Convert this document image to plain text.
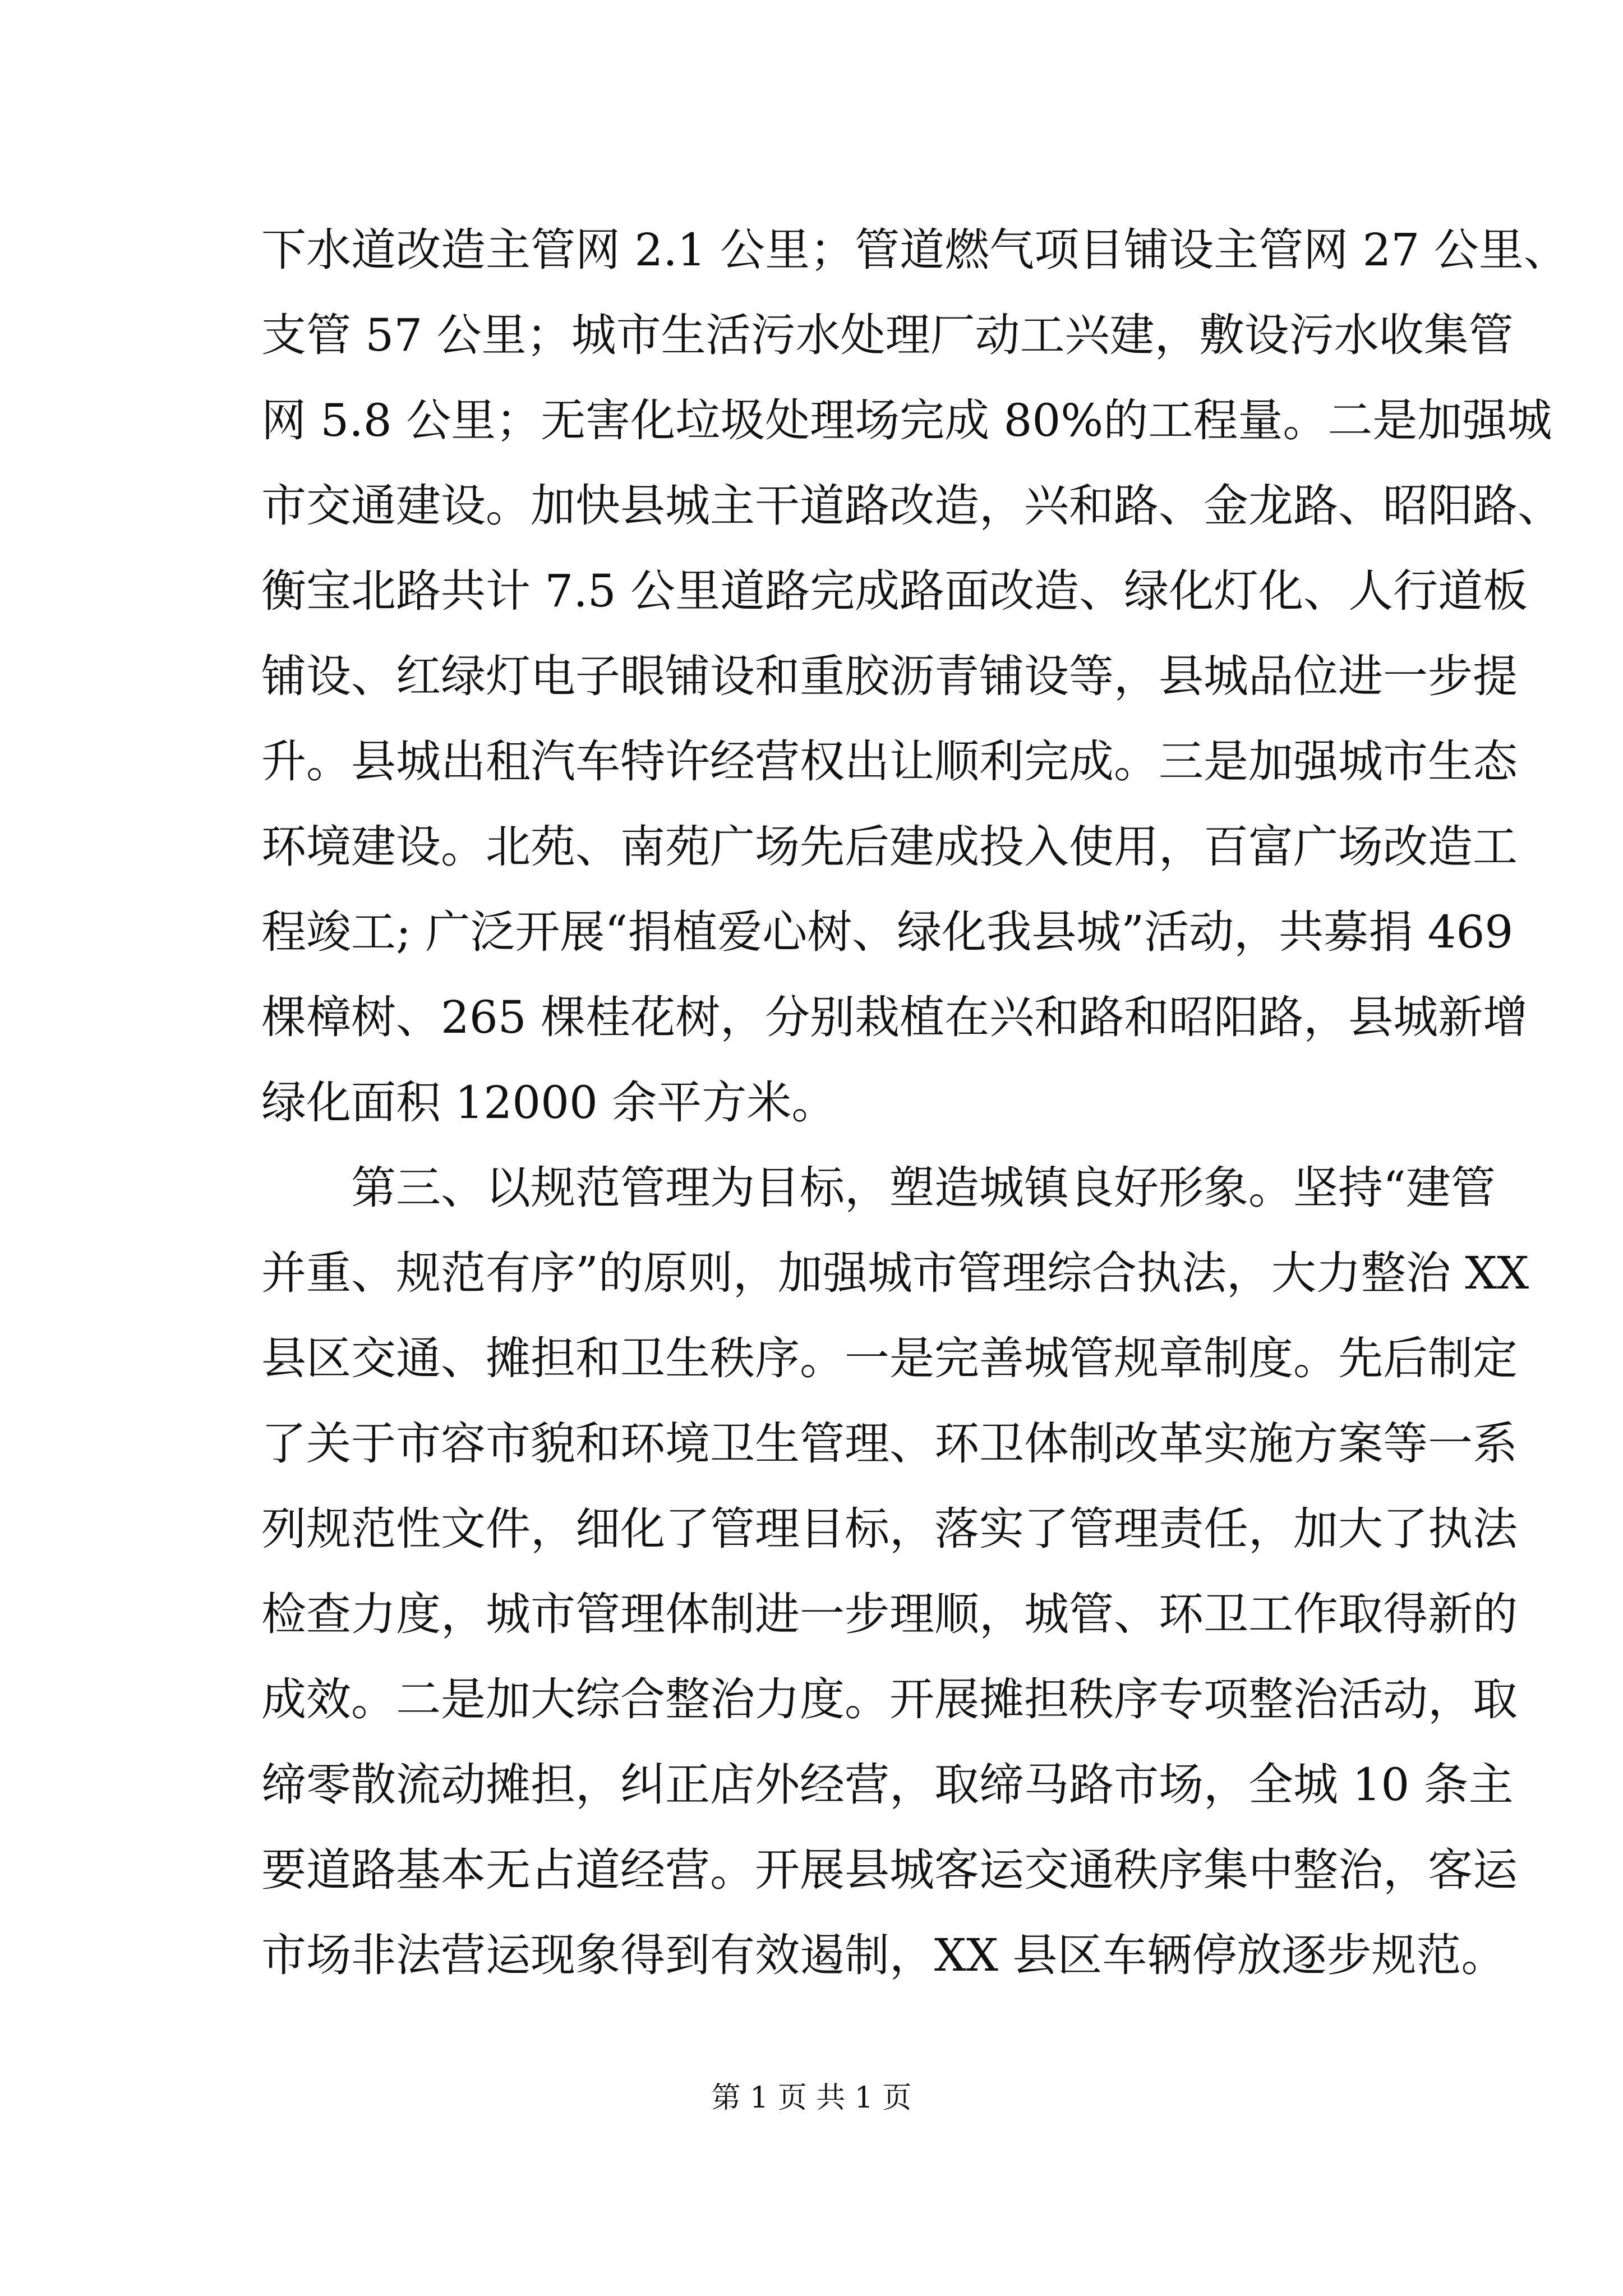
下水道改造主管网 2.1 公里；管道燃气项目铺设主管网 27 公里、
支管 57 公里；城市生活污水处理厂动工兴建，敷设污水收集管
网 5.8 公里；无害化垃圾处理场完成 80%的工程量。二是加强城
市交通建设。加快县城主干道路改造，兴和路、金龙路、昭阳路、
衡宝北路共计 7.5 公里道路完成路面改造、绿化灯化、人行道板
铺设、红绿灯电子眼铺设和重胶沥青铺设等，县城品位进一步提
升。县城出租汽车特许经营权出让顺利完成。三是加强城市生态
环境建设。北苑、南苑广场先后建成投入使用，百富广场改造工
程竣工; 广泛开展“捐植爱心树、绿化我县城”活动，共募捐 469
棵樟树、265 棵桂花树，分别栽植在兴和路和昭阳路，县城新增
绿化面积 12000 余平方米。
　　第三、以规范管理为目标，塑造城镇良好形象。坚持“建管
并重、规范有序”的原则，加强城市管理综合执法，大力整治 XX
县区交通、摊担和卫生秩序。一是完善城管规章制度。先后制定
了关于市容市貌和环境卫生管理、环卫体制改革实施方案等一系
列规范性文件，细化了管理目标，落实了管理责任，加大了执法
检查力度，城市管理体制进一步理顺，城管、环卫工作取得新的
成效。二是加大综合整治力度。开展摊担秩序专项整治活动，取
缔零散流动摊担，纠正店外经营，取缔马路市场，全城 10 条主
要道路基本无占道经营。开展县城客运交通秩序集中整治，客运
市场非法营运现象得到有效遏制，XX 县区车辆停放逐步规范。
第 1 页 共 1 页
